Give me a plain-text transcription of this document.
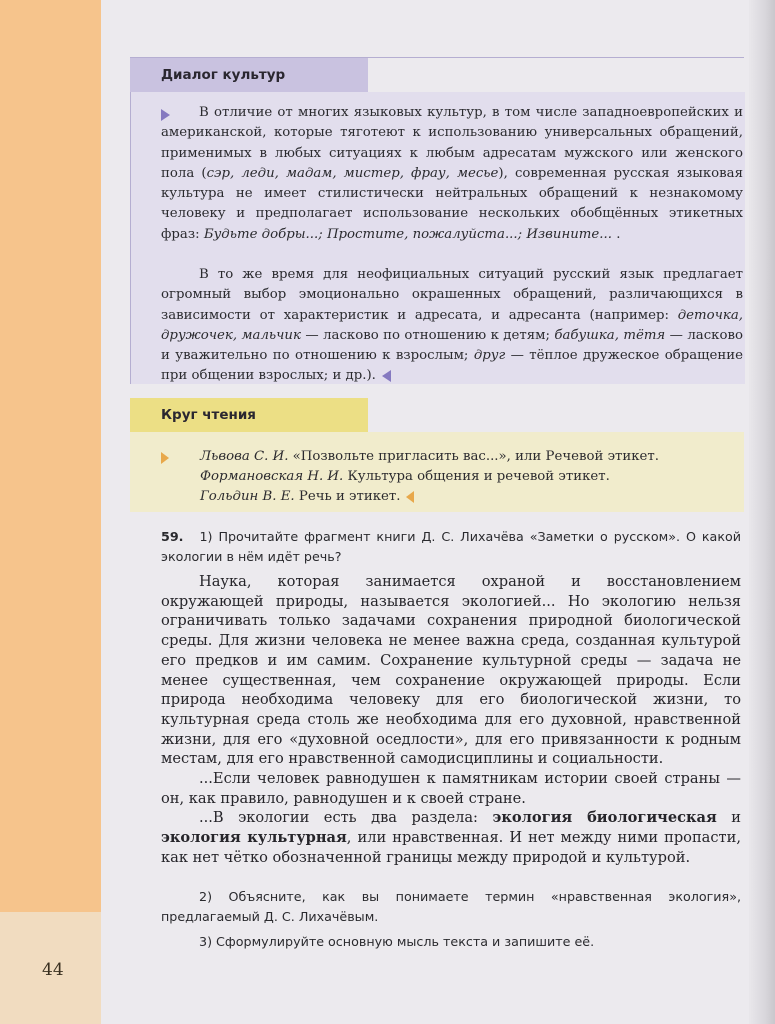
44
Диалог культур

В отличие от многих языковых культур, в том числе западноевропейских и американской, которые тяготеют к использованию универсальных обращений, применимых в любых ситуациях к любым адресатам мужского или женского пола (сэр, леди, мадам, мистер, фрау, месье), современная русская языковая культура не имеет стилистически нейтральных обращений к незнакомому человеку и предполагает использование нескольких обобщённых этикетных фраз: Будьте добры...; Простите, пожалуйста...; Извините... .

В то же время для неофициальных ситуаций русский язык предлагает огромный выбор эмоционально окрашенных обращений, различающихся в зависимости от характеристик и адресата, и адресанта (например: деточка, дружочек, мальчик — ласково по отношению к детям; бабушка, тётя — ласково и уважительно по отношению к взрослым; друг — тёплое дружеское обращение при общении взрослых; и др.).

Круг чтения
Львова С. И. «Позвольте пригласить вас...», или Речевой этикет.
Формановская Н. И. Культура общения и речевой этикет.
Гольдин В. Е. Речь и этикет.

59. 1) Прочитайте фрагмент книги Д. С. Лихачёва «Заметки о русском». О какой экологии в нём идёт речь?

Наука, которая занимается охраной и восстановлением окружающей природы, называется экологией... Но экологию нельзя ограничивать только задачами сохранения природной биологической среды. Для жизни человека не менее важна среда, созданная культурой его предков и им самим. Сохранение культурной среды — задача не менее существенная, чем сохранение окружающей природы. Если природа необходима человеку для его биологической жизни, то культурная среда столь же необходима для его духовной, нравственной жизни, для его «духовной оседлости», для его привязанности к родным местам, для его нравственной самодисциплины и социальности.

...Если человек равнодушен к памятникам истории своей страны — он, как правило, равнодушен и к своей стране.

...В экологии есть два раздела: экология биологическая и экология культурная, или нравственная. И нет между ними пропасти, как нет чётко обозначенной границы между природой и культурой.

2) Объясните, как вы понимаете термин «нравственная экология», предлагаемый Д. С. Лихачёвым.

3) Сформулируйте основную мысль текста и запишите её.
